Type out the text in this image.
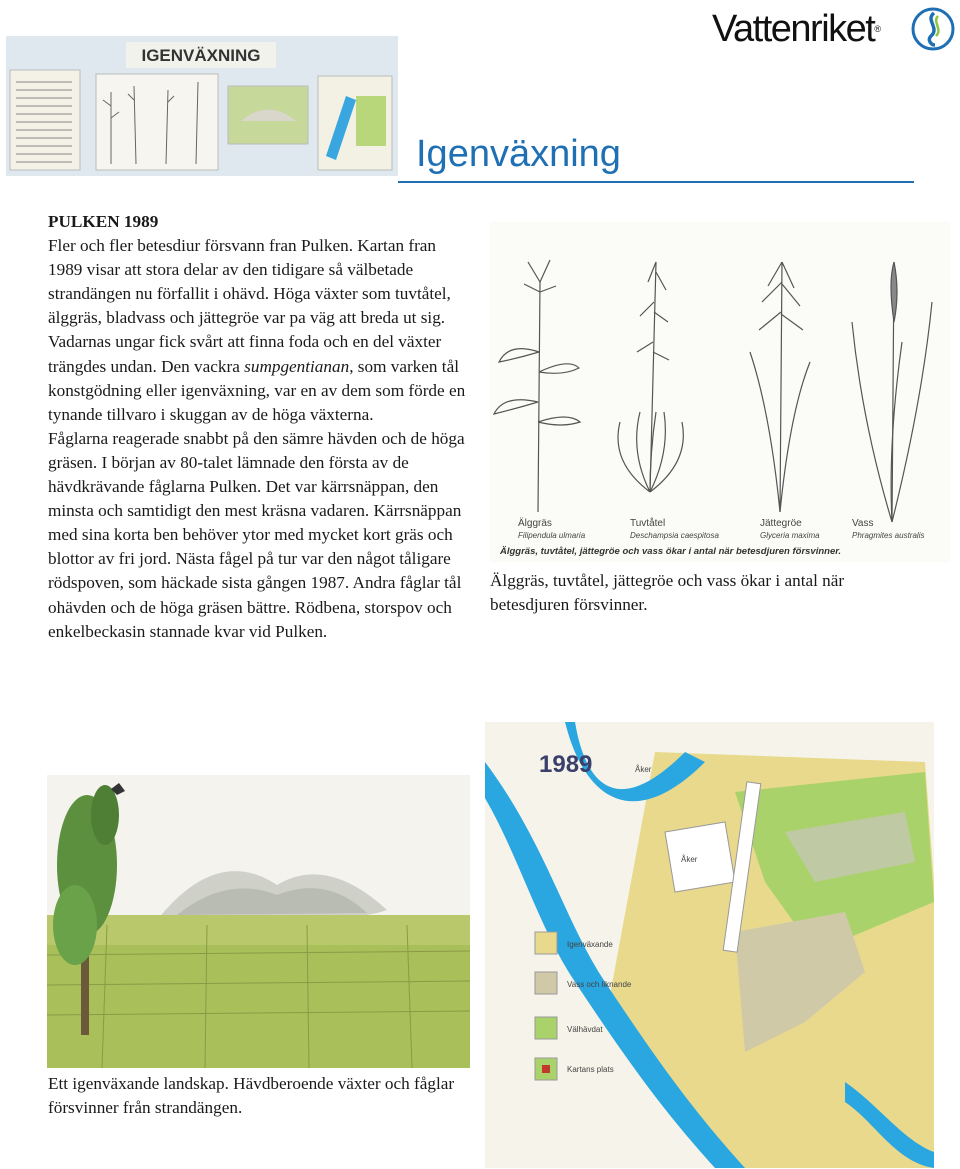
Vattenriket®
Igenväxning
IGENVÄXNING
PULKEN 1989

Fler och fler betesdiur försvann fran Pulken. Kartan fran 1989 visar att stora delar av den tidigare så välbetade strandängen nu förfallit i ohävd. Höga växter som tuvtåtel, älggräs, bladvass och jättegröe var pa väg att breda ut sig. Vadarnas ungar fick svårt att finna foda och en del växter trängdes undan. Den vackra sumpgentianan, som varken tål konstgödning eller igenväxning, var en av dem som förde en tynande tillvaro i skuggan av de höga växterna.

Fåglarna reagerade snabbt på den sämre hävden och de höga gräsen. I början av 80-talet lämnade den första av de hävdkrävande fåglarna Pulken. Det var kärrsnäppan, den minsta och samtidigt den mest kräsna vadaren. Kärrsnäppan med sina korta ben behöver ytor med mycket kort gräs och blottor av fri jord. Nästa fågel på tur var den något tåligare rödspoven, som häckade sista gången 1987. Andra fåglar tål ohävden och de höga gräsen bättre. Rödbena, storspov och enkelbeckasin stannade kvar vid Pulken.

Älggräs	Tuvtåtel	Jättegröe	Vass
Filipendula ulmaria	Deschampsia caespitosa	Glyceria maxima	Phragmites australis
Älggräs, tuvtåtel, jättegröe och vass ökar i antal när betesdjuren försvinner.
Älggräs, tuvtåtel, jättegröe och vass ökar i antal när betesdjuren försvinner.
Ett igenväxande landskap. Hävdberoende växter och fåglar försvinner från strandängen.
1989	Åker
Åker
Igenväxande
Vass och liknande
Välhävdat
Kartans plats
